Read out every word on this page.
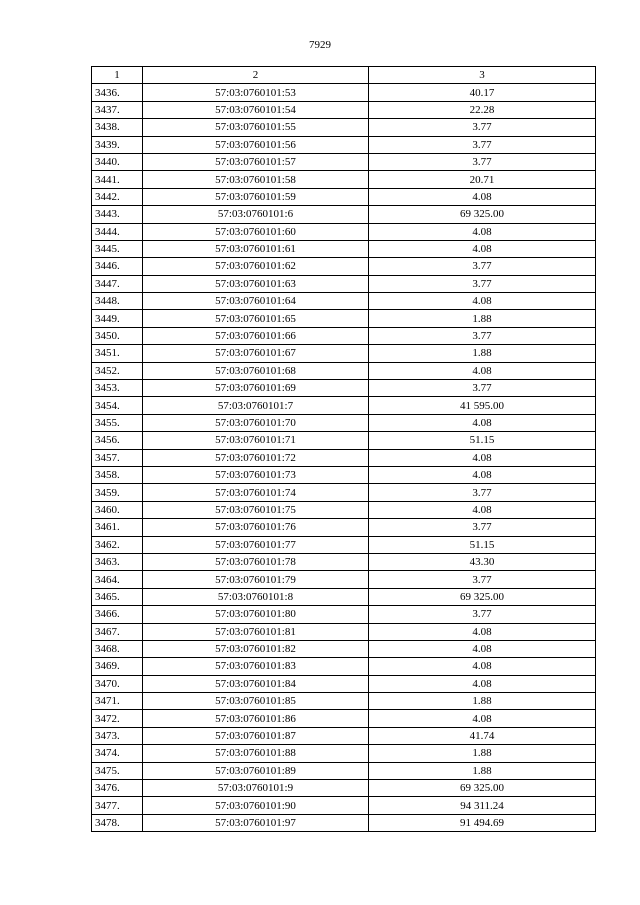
7929
1	2	3
3436.	57:03:0760101:53	40.17
3437.	57:03:0760101:54	22.28
3438.	57:03:0760101:55	3.77
3439.	57:03:0760101:56	3.77
3440.	57:03:0760101:57	3.77
3441.	57:03:0760101:58	20.71
3442.	57:03:0760101:59	4.08
3443.	57:03:0760101:6	69 325.00
3444.	57:03:0760101:60	4.08
3445.	57:03:0760101:61	4.08
3446.	57:03:0760101:62	3.77
3447.	57:03:0760101:63	3.77
3448.	57:03:0760101:64	4.08
3449.	57:03:0760101:65	1.88
3450.	57:03:0760101:66	3.77
3451.	57:03:0760101:67	1.88
3452.	57:03:0760101:68	4.08
3453.	57:03:0760101:69	3.77
3454.	57:03:0760101:7	41 595.00
3455.	57:03:0760101:70	4.08
3456.	57:03:0760101:71	51.15
3457.	57:03:0760101:72	4.08
3458.	57:03:0760101:73	4.08
3459.	57:03:0760101:74	3.77
3460.	57:03:0760101:75	4.08
3461.	57:03:0760101:76	3.77
3462.	57:03:0760101:77	51.15
3463.	57:03:0760101:78	43.30
3464.	57:03:0760101:79	3.77
3465.	57:03:0760101:8	69 325.00
3466.	57:03:0760101:80	3.77
3467.	57:03:0760101:81	4.08
3468.	57:03:0760101:82	4.08
3469.	57:03:0760101:83	4.08
3470.	57:03:0760101:84	4.08
3471.	57:03:0760101:85	1.88
3472.	57:03:0760101:86	4.08
3473.	57:03:0760101:87	41.74
3474.	57:03:0760101:88	1.88
3475.	57:03:0760101:89	1.88
3476.	57:03:0760101:9	69 325.00
3477.	57:03:0760101:90	94 311.24
3478.	57:03:0760101:97	91 494.69
